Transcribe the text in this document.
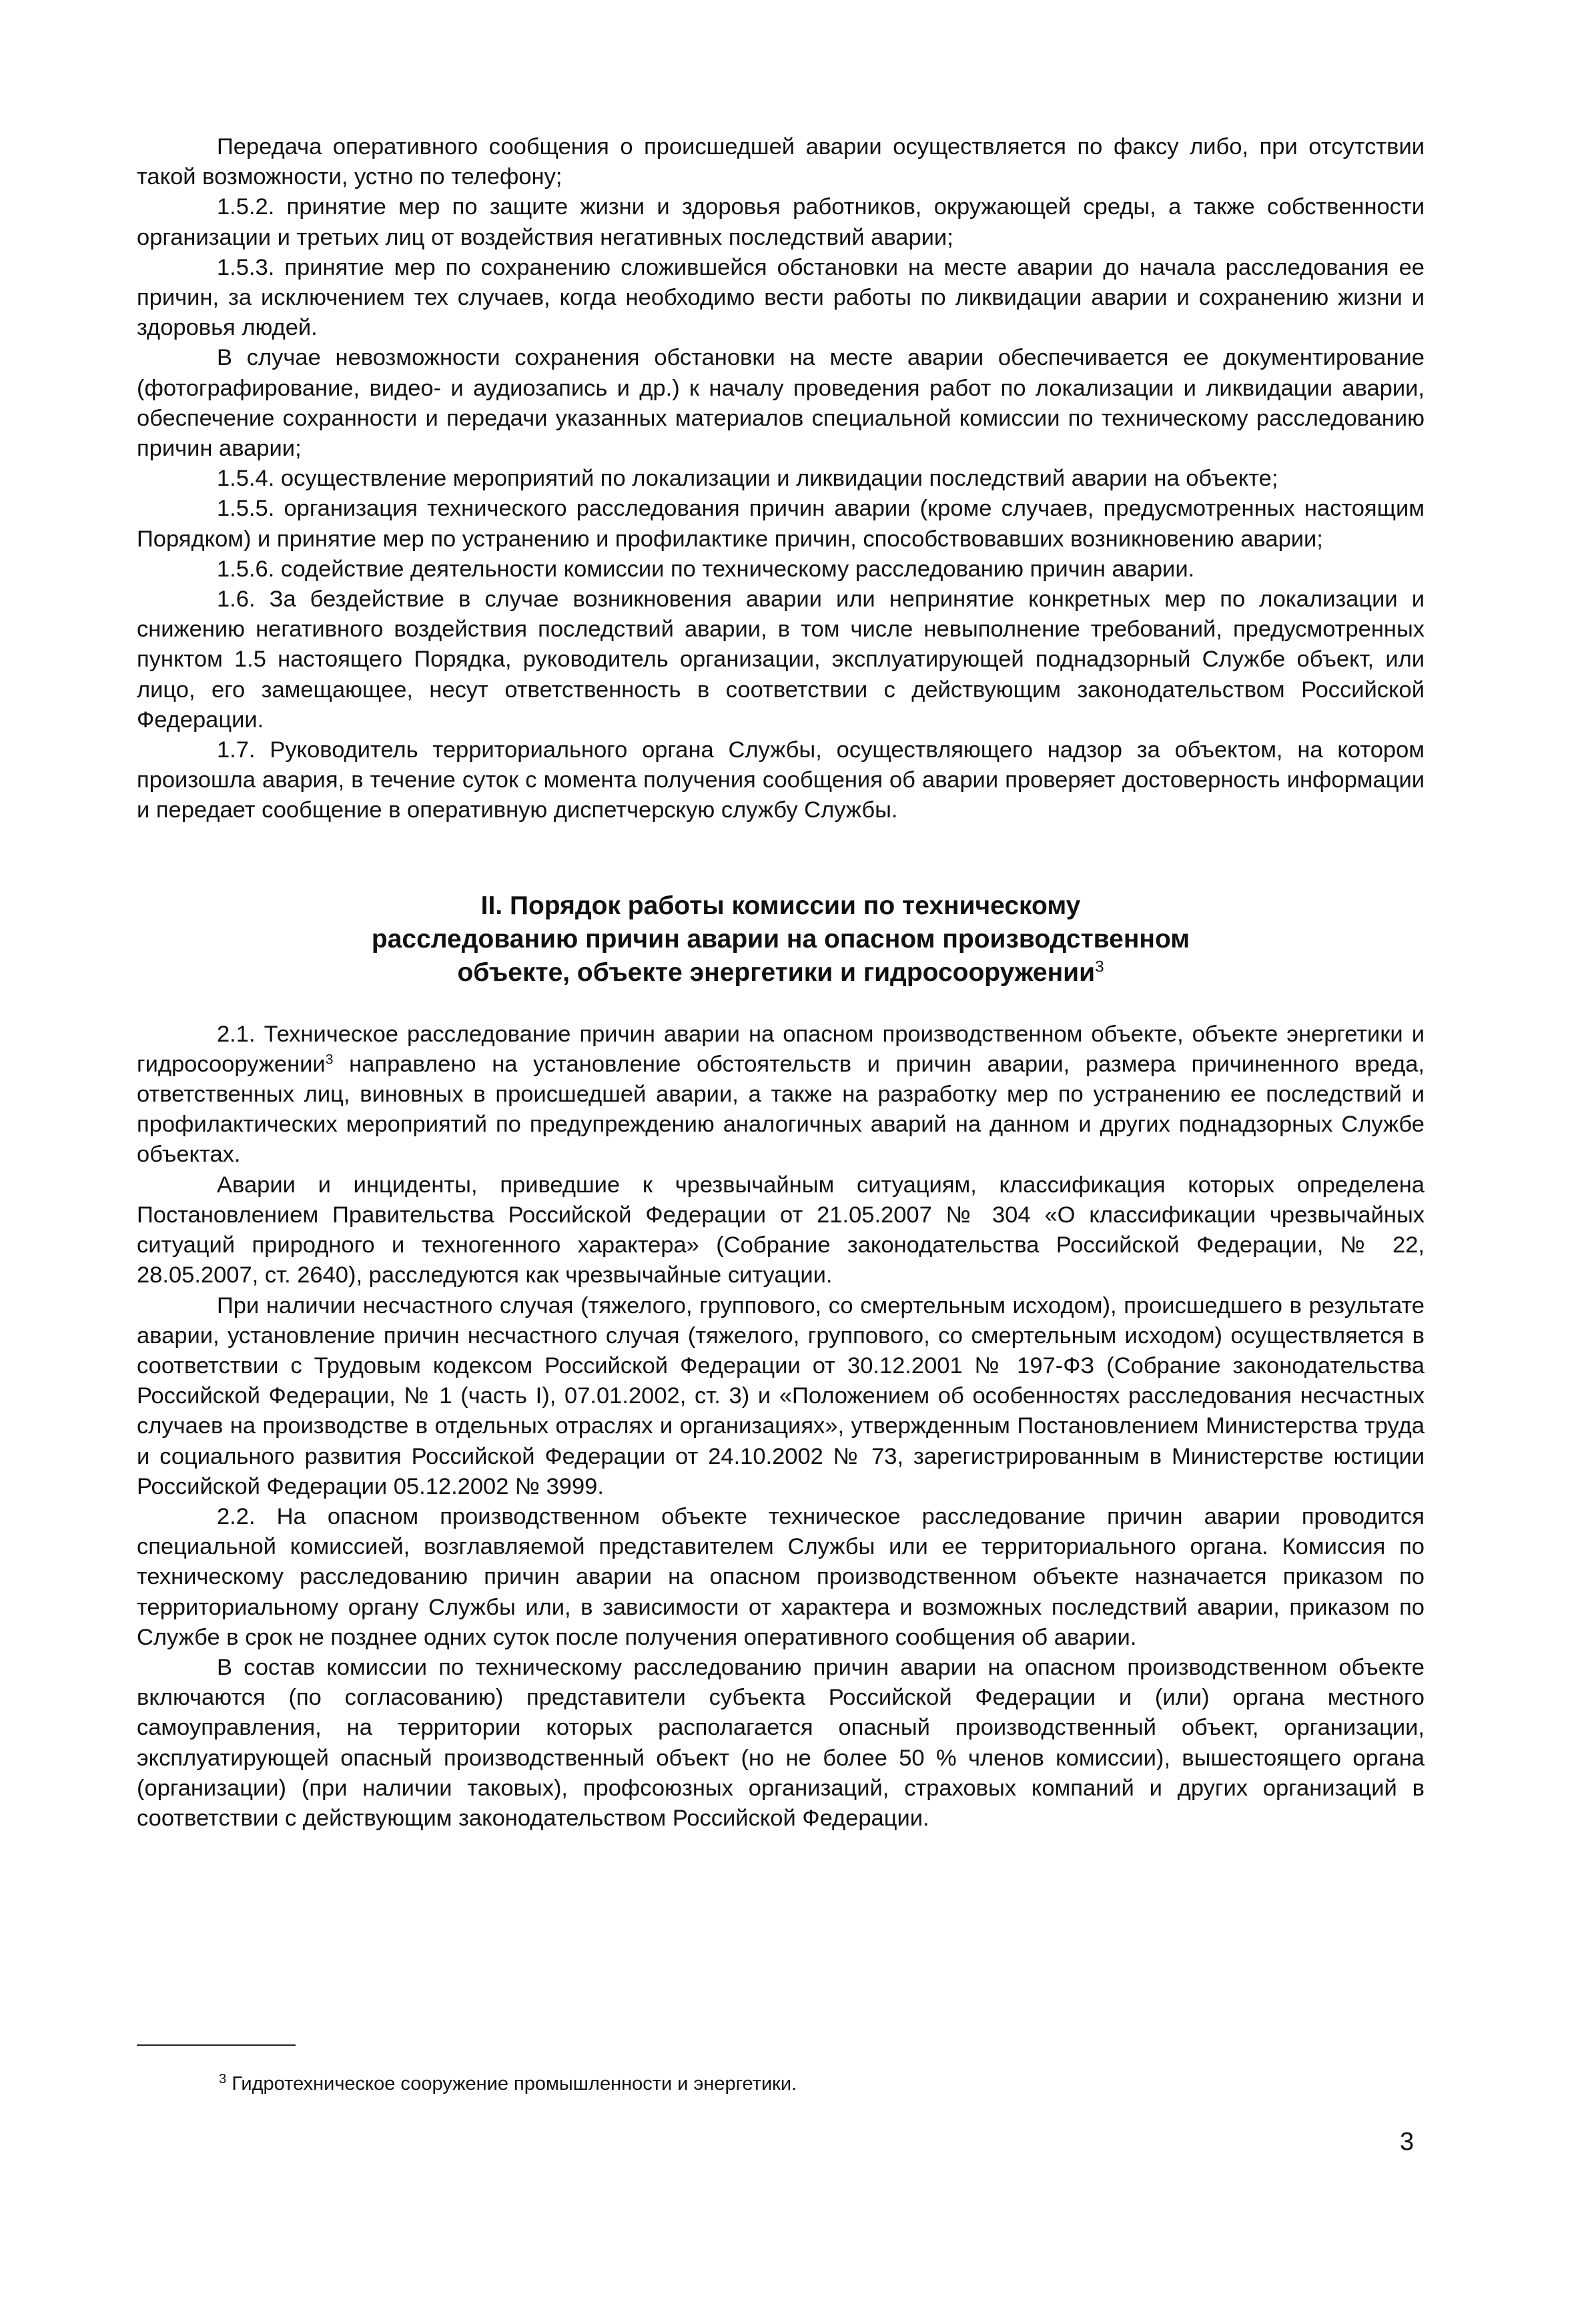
Передача оперативного сообщения о происшедшей аварии осуществляется по факсу либо, при отсутствии такой возможности, устно по телефону;

1.5.2. принятие мер по защите жизни и здоровья работников, окружающей среды, а также собственности организации и третьих лиц от воздействия негативных последствий аварии;

1.5.3. принятие мер по сохранению сложившейся обстановки на месте аварии до начала расследования ее причин, за исключением тех случаев, когда необходимо вести работы по ликвидации аварии и сохранению жизни и здоровья людей.

В случае невозможности сохранения обстановки на месте аварии обеспечивается ее документирование (фотографирование, видео- и аудиозапись и др.) к началу проведения работ по локализации и ликвидации аварии, обеспечение сохранности и передачи указанных материалов специальной комиссии по техническому расследованию причин аварии;

1.5.4. осуществление мероприятий по локализации и ликвидации последствий аварии на объекте;

1.5.5. организация технического расследования причин аварии (кроме случаев, предусмотренных настоящим Порядком) и принятие мер по устранению и профилактике причин, способствовавших возникновению аварии;

1.5.6. содействие деятельности комиссии по техническому расследованию причин аварии.

1.6. За бездействие в случае возникновения аварии или непринятие конкретных мер по локализации и снижению негативного воздействия последствий аварии, в том числе невыполнение требований, предусмотренных пунктом 1.5 настоящего Порядка, руководитель организации, эксплуатирующей поднадзорный Службе объект, или лицо, его замещающее, несут ответственность в соответствии с действующим законодательством Российской Федерации.

1.7. Руководитель территориального органа Службы, осуществляющего надзор за объектом, на котором произошла авария, в течение суток с момента получения сообщения об аварии проверяет достоверность информации и передает сообщение в оперативную диспетчерскую службу Службы.

II. Порядок работы комиссии по техническому
расследованию причин аварии на опасном производственном
объекте, объекте энергетики и гидросооружении$^3$

2.1. Техническое расследование причин аварии на опасном производственном объекте, объекте энергетики и гидросооружении$^3$ направлено на установление обстоятельств и причин аварии, размера причиненного вреда, ответственных лиц, виновных в происшедшей аварии, а также на разработку мер по устранению ее последствий и профилактических мероприятий по предупреждению аналогичных аварий на данном и других поднадзорных Службе объектах.

Аварии и инциденты, приведшие к чрезвычайным ситуациям, классификация которых определена Постановлением Правительства Российской Федерации от 21.05.2007 № 304 «О классификации чрезвычайных ситуаций природного и техногенного характера» (Собрание законодательства Российской Федерации, № 22, 28.05.2007, ст. 2640), расследуются как чрезвычайные ситуации.

При наличии несчастного случая (тяжелого, группового, со смертельным исходом), происшедшего в результате аварии, установление причин несчастного случая (тяжелого, группового, со смертельным исходом) осуществляется в соответствии с Трудовым кодексом Российской Федерации от 30.12.2001 № 197-ФЗ (Собрание законодательства Российской Федерации, № 1 (часть I), 07.01.2002, ст. 3) и «Положением об особенностях расследования несчастных случаев на производстве в отдельных отраслях и организациях», утвержденным Постановлением Министерства труда и социального развития Российской Федерации от 24.10.2002 № 73, зарегистрированным в Министерстве юстиции Российской Федерации 05.12.2002 № 3999.

2.2. На опасном производственном объекте техническое расследование причин аварии проводится специальной комиссией, возглавляемой представителем Службы или ее территориального органа. Комиссия по техническому расследованию причин аварии на опасном производственном объекте назначается приказом по территориальному органу Службы или, в зависимости от характера и возможных последствий аварии, приказом по Службе в срок не позднее одних суток после получения оперативного сообщения об аварии.

В состав комиссии по техническому расследованию причин аварии на опасном производственном объекте включаются (по согласованию) представители субъекта Российской Федерации и (или) органа местного самоуправления, на территории которых располагается опасный производственный объект, организации, эксплуатирующей опасный производственный объект (но не более 50 % членов комиссии), вышестоящего органа (организации) (при наличии таковых), профсоюзных организаций, страховых компаний и других организаций в соответствии с действующим законодательством Российской Федерации.

$^3$ Гидротехническое сооружение промышленности и энергетики.
3
